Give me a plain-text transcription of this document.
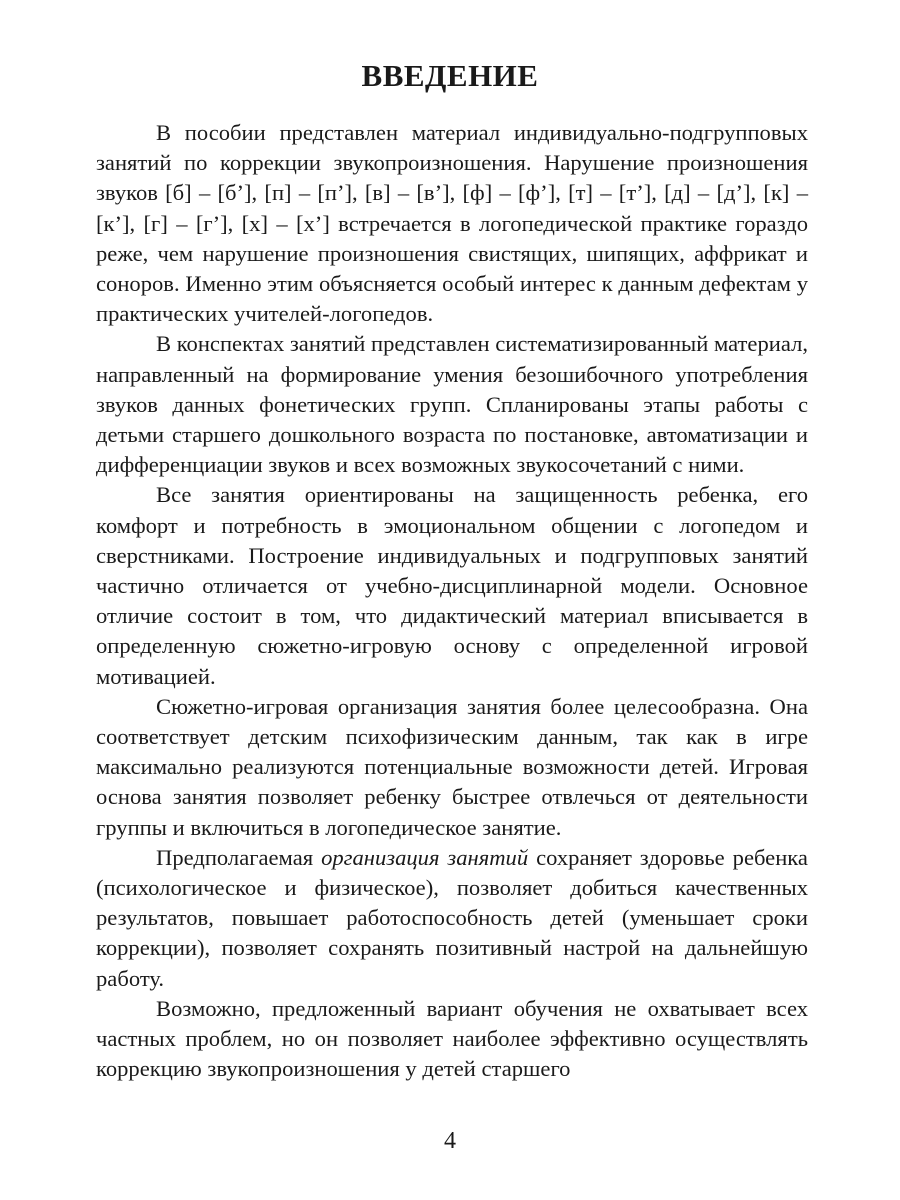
ВВЕДЕНИЕ

В пособии представлен материал индивидуально-подгрупповых занятий по коррекции звукопроизношения. Нарушение произношения звуков [б] – [б’], [п] – [п’], [в] – [в’], [ф] – [ф’], [т] – [т’], [д] – [д’], [к] – [к’], [г] – [г’], [х] – [х’] встречается в логопедической практике гораздо реже, чем нарушение произношения свистящих, шипящих, аффрикат и соноров. Именно этим объясняется особый интерес к данным дефектам у практических учителей-логопедов.

В конспектах занятий представлен систематизированный материал, направленный на формирование умения безошибочного употребления звуков данных фонетических групп. Спланированы этапы работы с детьми старшего дошкольного возраста по постановке, автоматизации и дифференциации звуков и всех возможных звукосочетаний с ними.

Все занятия ориентированы на защищенность ребенка, его комфорт и потребность в эмоциональном общении с логопедом и сверстниками. Построение индивидуальных и подгрупповых занятий частично отличается от учебно-дисциплинарной модели. Основное отличие состоит в том, что дидактический материал вписывается в определенную сюжетно-игровую основу с определенной игровой мотивацией.

Сюжетно-игровая организация занятия более целесообразна. Она соответствует детским психофизическим данным, так как в игре максимально реализуются потенциальные возможности детей. Игровая основа занятия позволяет ребенку быстрее отвлечься от деятельности группы и включиться в логопедическое занятие.

Предполагаемая организация занятий сохраняет здоровье ребенка (психологическое и физическое), позволяет добиться качественных результатов, повышает работоспособность детей (уменьшает сроки коррекции), позволяет сохранять позитивный настрой на дальнейшую работу.

Возможно, предложенный вариант обучения не охватывает всех частных проблем, но он позволяет наиболее эффективно осуществлять коррекцию звукопроизношения у детей старшего

4
